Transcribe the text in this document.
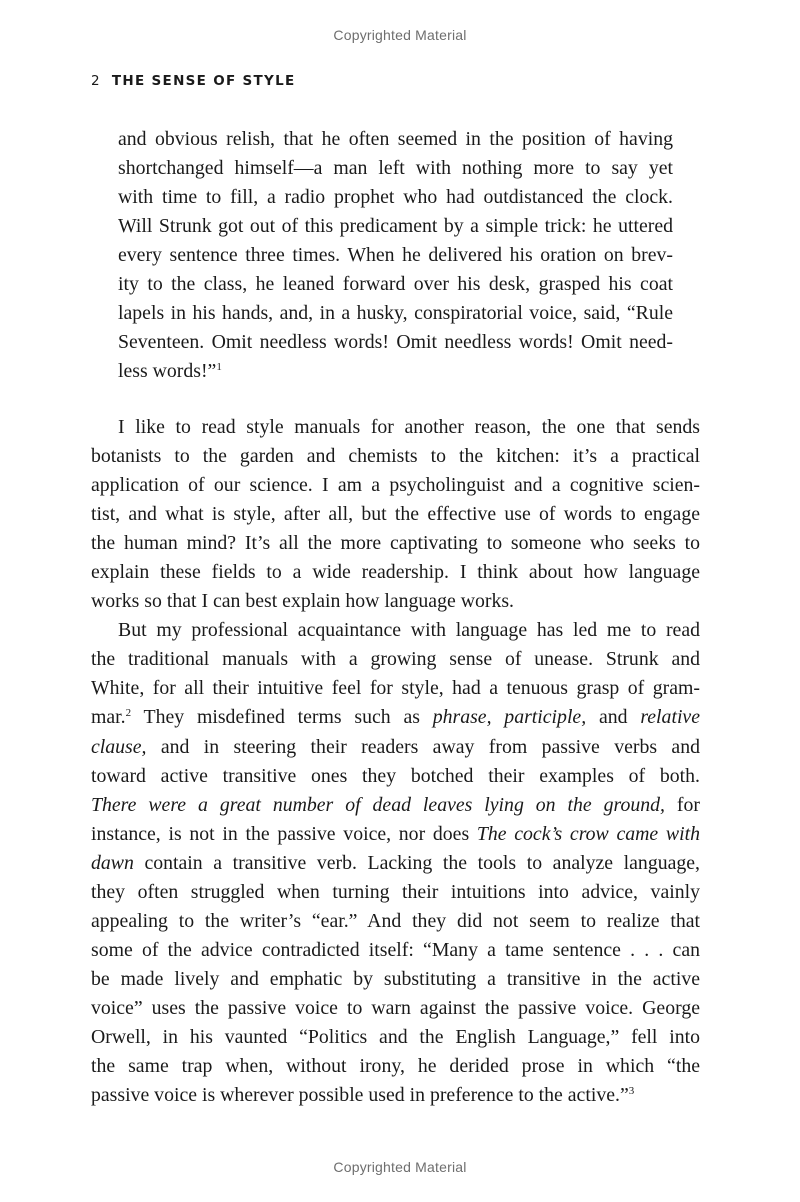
Copyrighted Material
2 THE SENSE OF STYLE
and obvious relish, that he often seemed in the position of having
shortchanged himself—a man left with nothing more to say yet
with time to fill, a radio prophet who had outdistanced the clock.
Will Strunk got out of this predicament by a simple trick: he uttered
every sentence three times. When he delivered his oration on brev-
ity to the class, he leaned forward over his desk, grasped his coat
lapels in his hands, and, in a husky, conspiratorial voice, said, “Rule
Seventeen. Omit needless words! Omit needless words! Omit need-
less words!”$^1$
I like to read style manuals for another reason, the one that sends
botanists to the garden and chemists to the kitchen: it’s a practical
application of our science. I am a psycholinguist and a cognitive scien-
tist, and what is style, after all, but the effective use of words to engage
the human mind? It’s all the more captivating to someone who seeks to
explain these fields to a wide readership. I think about how language
works so that I can best explain how language works.
But my professional acquaintance with language has led me to read
the traditional manuals with a growing sense of unease. Strunk and
White, for all their intuitive feel for style, had a tenuous grasp of gram-
mar.$^2$ They misdefined terms such as phrase, participle, and relative
clause, and in steering their readers away from passive verbs and
toward active transitive ones they botched their examples of both.
There were a great number of dead leaves lying on the ground, for
instance, is not in the passive voice, nor does The cock’s crow came with
dawn contain a transitive verb. Lacking the tools to analyze language,
they often struggled when turning their intuitions into advice, vainly
appealing to the writer’s “ear.” And they did not seem to realize that
some of the advice contradicted itself: “Many a tame sentence . . . can
be made lively and emphatic by substituting a transitive in the active
voice” uses the passive voice to warn against the passive voice. George
Orwell, in his vaunted “Politics and the English Language,” fell into
the same trap when, without irony, he derided prose in which “the
passive voice is wherever possible used in preference to the active.”$^3$
Copyrighted Material
